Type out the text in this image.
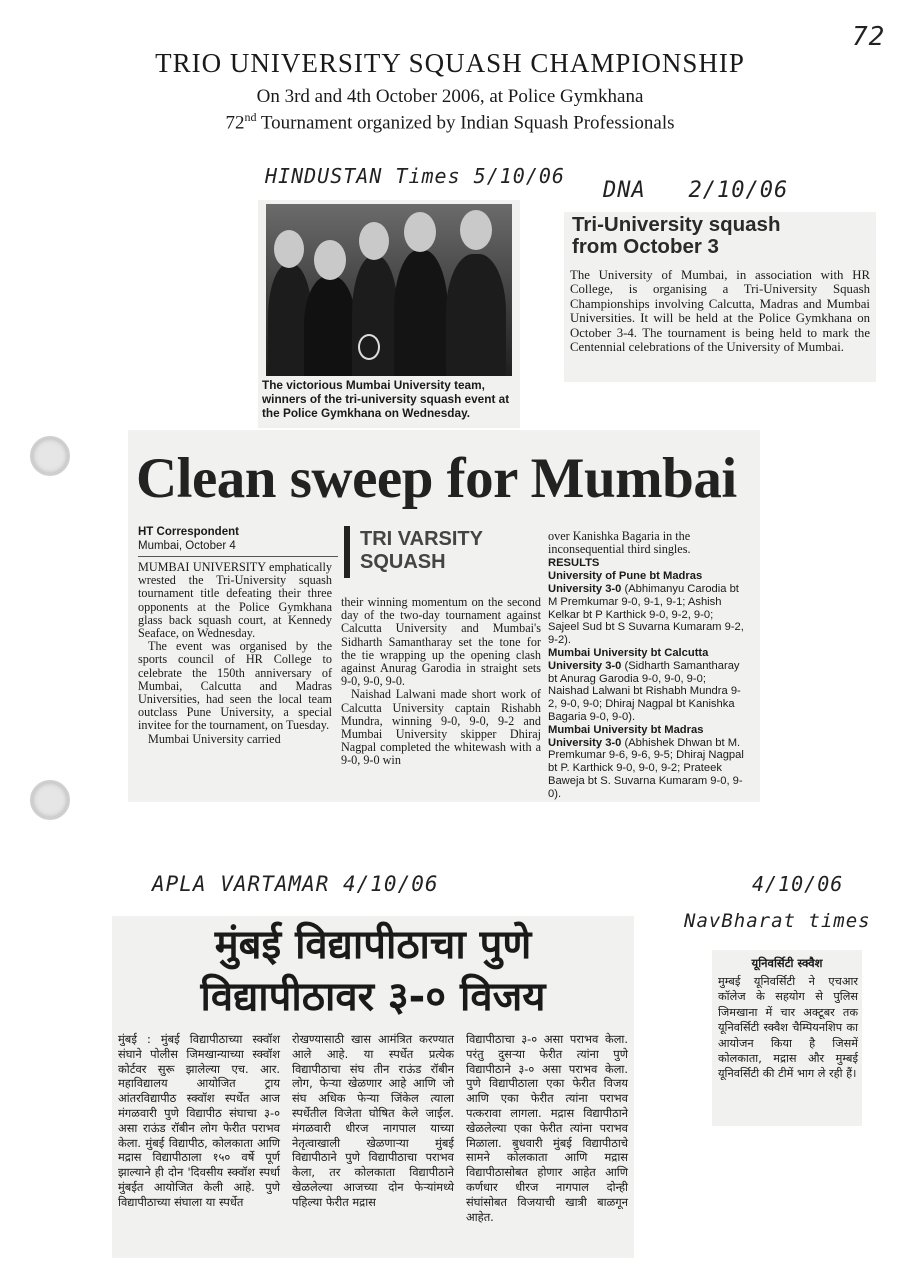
72
TRIO UNIVERSITY SQUASH CHAMPIONSHIP
On 3rd and 4th October 2006, at Police Gymkhana
72nd Tournament organized by Indian Squash Professionals
HINDUSTAN Times 5/10/06
The victorious Mumbai University team, winners of the tri-university squash event at the Police Gymkhana on Wednesday.
DNA   2/10/06
Tri-University squash from October 3
The University of Mumbai, in association with HR College, is organising a Tri-University Squash Championships involving Calcutta, Madras and Mumbai Universities. It will be held at the Police Gymkhana on October 3-4. The tournament is being held to mark the Centennial celebrations of the University of Mumbai.
Clean sweep for Mumbai
HT Correspondent
Mumbai, October 4

MUMBAI UNIVERSITY emphatically wrested the Tri-University squash tournament title defeating their three opponents at the Police Gymkhana glass back squash court, at Kennedy Seaface, on Wednesday.

The event was organised by the sports council of HR College to celebrate the 150th anniversary of Mumbai, Calcutta and Madras Universities, had seen the local team outclass Pune University, a special invitee for the tournament, on Tuesday.

Mumbai University carried

TRI VARSITY SQUASH

their winning momentum on the second day of the two-day tournament against Calcutta University and Mumbai's Sidharth Samantharay set the tone for the tie wrapping up the opening clash against Anurag Garodia in straight sets 9-0, 9-0, 9-0.

Naishad Lalwani made short work of Calcutta University captain Rishabh Mundra, winning 9-0, 9-0, 9-2 and Mumbai University skipper Dhiraj Nagpal completed the whitewash with a 9-0, 9-0 win

over Kanishka Bagaria in the inconsequential third singles.
RESULTS
University of Pune bt Madras University 3-0 (Abhimanyu Carodia bt M Premkumar 9-0, 9-1, 9-1; Ashish Kelkar bt P Karthick 9-0, 9-2, 9-0; Sajeel Sud bt S Suvarna Kumaram 9-2, 9-2).
Mumbai University bt Calcutta University 3-0 (Sidharth Samantharay bt Anurag Garodia 9-0, 9-0, 9-0; Naishad Lalwani bt Rishabh Mundra 9-2, 9-0, 9-0; Dhiraj Nagpal bt Kanishka Bagaria 9-0, 9-0).
Mumbai University bt Madras University 3-0 (Abhishek Dhwan bt M. Premkumar 9-6, 9-6, 9-5; Dhiraj Nagpal bt P. Karthick 9-0, 9-0, 9-2; Prateek Baweja bt S. Suvarna Kumaram 9-0, 9-0).
APLA VARTAMAR 4/10/06
मुंबई विद्यापीठाचा पुणे
विद्यापीठावर ३-० विजय
मुंबई : मुंबई विद्यापीठाच्या स्क्वॉश संघाने पोलीस जिमखान्याच्या स्क्वॉश कोर्टवर सुरू झालेल्या एच. आर. महाविद्यालय आयोजित ट्राय आंतरविद्यापीठ स्क्वॉश स्पर्धेत आज मंगळवारी पुणे विद्यापीठ संघाचा ३-० असा राऊंड रॉबीन लोग फेरीत पराभव केला. मुंबई विद्यापीठ, कोलकाता आणि मद्रास विद्यापीठाला १५० वर्षे पूर्ण झाल्याने ही दोन 'दिवसीय स्क्वॉश स्पर्धा मुंबईत आयोजित केली आहे. पुणे विद्यापीठाच्या संघाला या स्पर्धेत
रोखण्यासाठी खास आमंत्रित करण्यात आले आहे. या स्पर्धेत प्रत्येक विद्यापीठाचा संघ तीन राऊंड रॉबीन लोग, फेऱ्या खेळणार आहे आणि जो संघ अधिक फेऱ्या जिंकेल त्याला स्पर्धेतील विजेता घोषित केले जाईल. मंगळवारी धीरज नागपाल याच्या नेतृत्वाखाली खेळणाऱ्या मुंबई विद्यापीठाने पुणे विद्यापीठाचा पराभव केला, तर कोलकाता विद्यापीठाने खेळलेल्या आजच्या दोन फेऱ्यांमध्ये पहिल्या फेरीत मद्रास
विद्यापीठाचा ३-० असा पराभव केला. परंतु दुसऱ्या फेरीत त्यांना पुणे विद्यापीठाने ३-० असा पराभव केला. पुणे विद्यापीठाला एका फेरीत विजय आणि एका फेरीत त्यांना पराभव पत्करावा लागला. मद्रास विद्यापीठाने खेळलेल्या एका फेरीत त्यांना पराभव मिळाला. बुधवारी मुंबई विद्यापीठाचे सामने कोलकाता आणि मद्रास विद्यापीठासोबत होणार आहेत आणि कर्णधार धीरज नागपाल दोन्ही संघांसोबत विजयाची खात्री बाळगून आहेत.
4/10/06
NavBharat times
यूनिवर्सिटी स्क्वैश
मुम्बई यूनिवर्सिटी ने एचआर कॉलेज के सहयोग से पुलिस जिमखाना में चार अक्टूबर तक यूनिवर्सिटी स्क्वैश चैम्पियनशिप का आयोजन किया है जिसमें कोलकाता, मद्रास और मुम्बई यूनिवर्सिटी की टीमें भाग ले रही हैं।
